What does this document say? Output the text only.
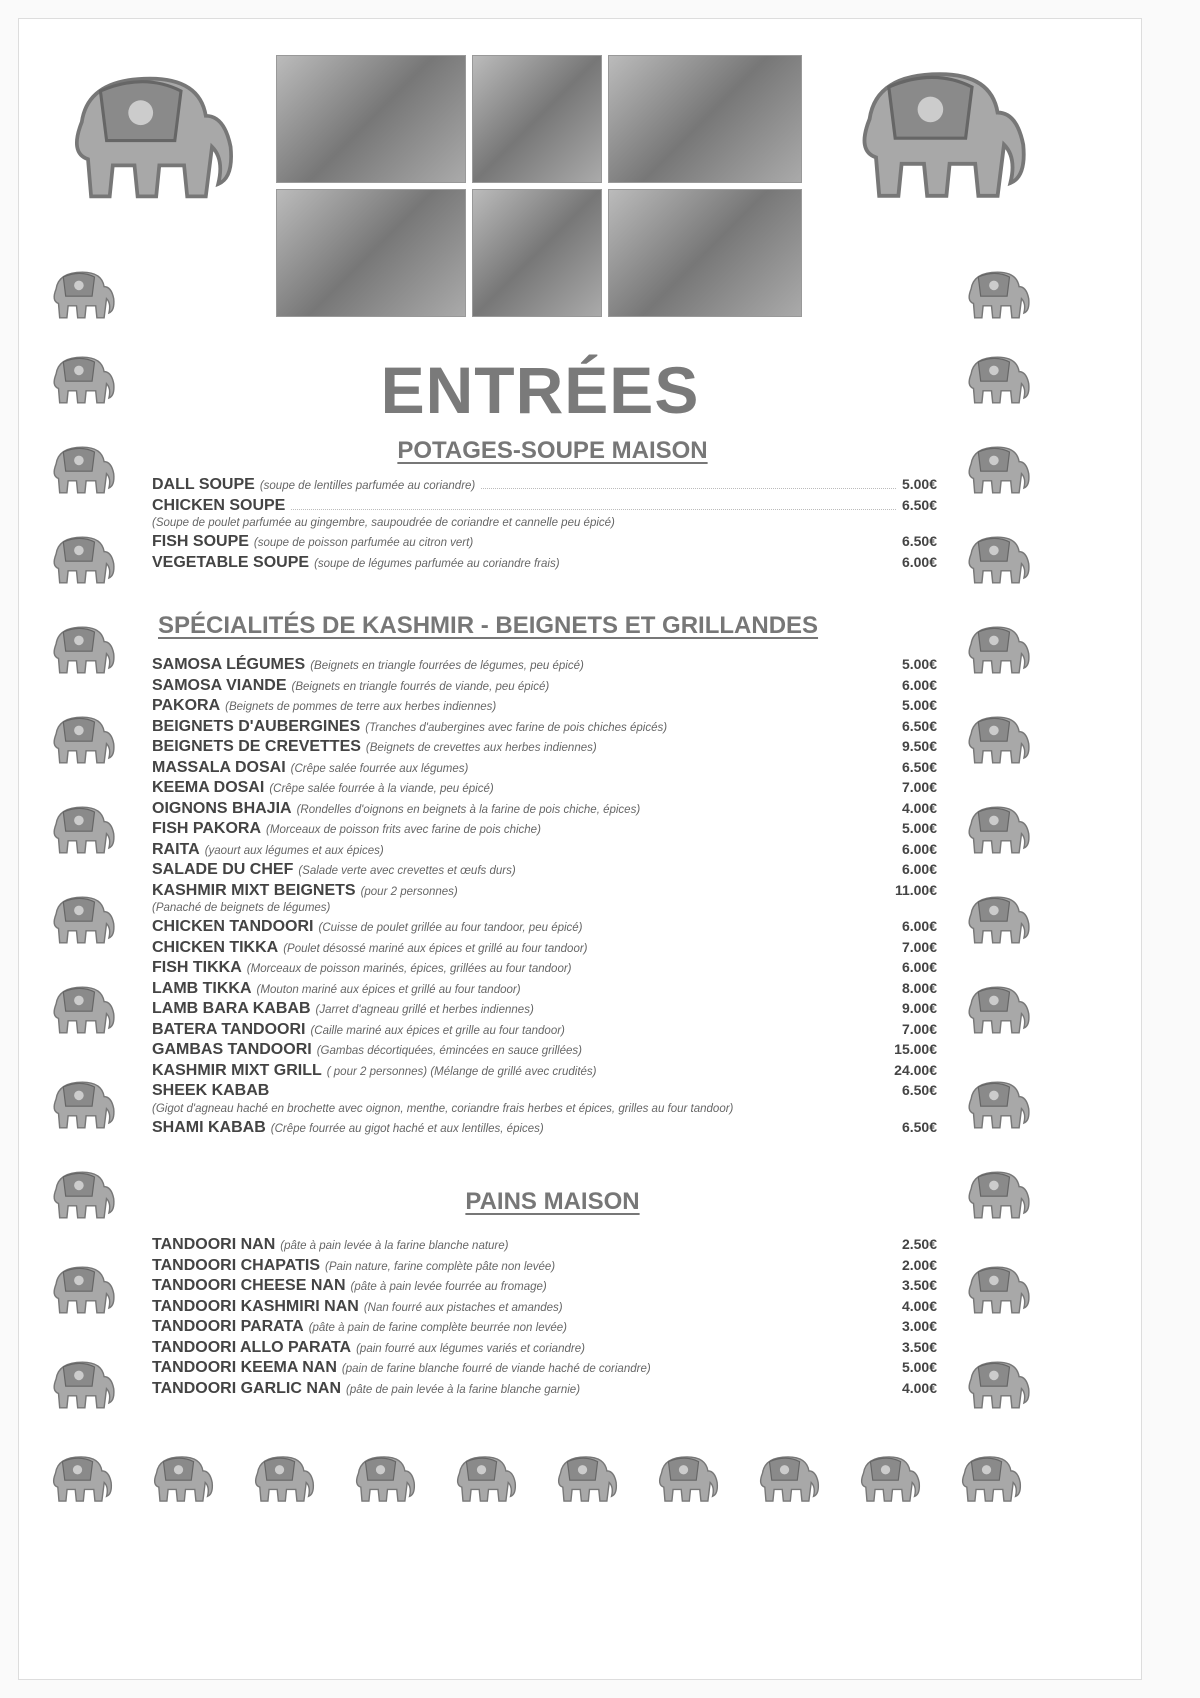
ENTRÉES
POTAGES-SOUPE MAISON
DALL SOUPE (soupe de lentilles parfumée au coriandre)	5.00€
CHICKEN SOUPE	6.50€
(Soupe de poulet parfumée au gingembre, saupoudrée de coriandre et cannelle peu épicé)
FISH SOUPE (soupe de poisson parfumée au citron vert)	6.50€
VEGETABLE SOUPE (soupe de légumes parfumée au coriandre frais)	6.00€
SPÉCIALITÉS DE KASHMIR - BEIGNETS ET GRILLANDES
SAMOSA LÉGUMES (Beignets en triangle fourrées de légumes, peu épicé)	5.00€
SAMOSA VIANDE (Beignets en triangle fourrés de viande, peu épicé)	6.00€
PAKORA (Beignets de pommes de terre aux herbes indiennes)	5.00€
BEIGNETS D'AUBERGINES (Tranches d'aubergines avec farine de pois chiches épicés)	6.50€
BEIGNETS DE CREVETTES (Beignets de crevettes aux herbes indiennes)	9.50€
MASSALA DOSAI (Crêpe salée fourrée aux légumes)	6.50€
KEEMA DOSAI (Crêpe salée fourrée à la viande, peu épicé)	7.00€
OIGNONS BHAJIA (Rondelles d'oignons en beignets à la farine de pois chiche, épices)	4.00€
FISH PAKORA (Morceaux de poisson frits avec farine de pois chiche)	5.00€
RAITA (yaourt aux légumes et aux épices)	6.00€
SALADE DU CHEF (Salade verte avec crevettes et œufs durs)	6.00€
KASHMIR MIXT BEIGNETS (pour 2 personnes)	11.00€
(Panaché de beignets de légumes)
CHICKEN TANDOORI (Cuisse de poulet grillée au four tandoor, peu épicé)	6.00€
CHICKEN TIKKA (Poulet désossé mariné aux épices et grillé au four tandoor)	7.00€
FISH TIKKA (Morceaux de poisson marinés, épices, grillées au four tandoor)	6.00€
LAMB TIKKA (Mouton mariné aux épices et grillé au four tandoor)	8.00€
LAMB BARA KABAB (Jarret d'agneau grillé et herbes indiennes)	9.00€
BATERA TANDOORI (Caille mariné aux épices et grille au four tandoor)	7.00€
GAMBAS TANDOORI (Gambas décortiquées, émincées en sauce grillées)	15.00€
KASHMIR MIXT GRILL ( pour 2 personnes) (Mélange de grillé avec crudités)	24.00€
SHEEK KABAB	6.50€
(Gigot d'agneau haché en brochette avec oignon, menthe, coriandre frais herbes et épices, grilles au four tandoor)
SHAMI KABAB (Crêpe fourrée au gigot haché et aux lentilles, épices)	6.50€
PAINS MAISON
TANDOORI NAN (pâte à pain levée à la farine blanche nature)	2.50€
TANDOORI CHAPATIS (Pain nature, farine complète pâte non levée)	2.00€
TANDOORI CHEESE NAN (pâte à pain levée fourrée au fromage)	3.50€
TANDOORI KASHMIRI NAN (Nan fourré aux pistaches et amandes)	4.00€
TANDOORI PARATA (pâte à pain de farine complète beurrée non levée)	3.00€
TANDOORI ALLO PARATA (pain fourré aux légumes variés et coriandre)	3.50€
TANDOORI KEEMA NAN (pain de farine blanche fourré de viande haché de coriandre)	5.00€
TANDOORI GARLIC NAN (pâte de pain levée à la farine blanche garnie)	4.00€
